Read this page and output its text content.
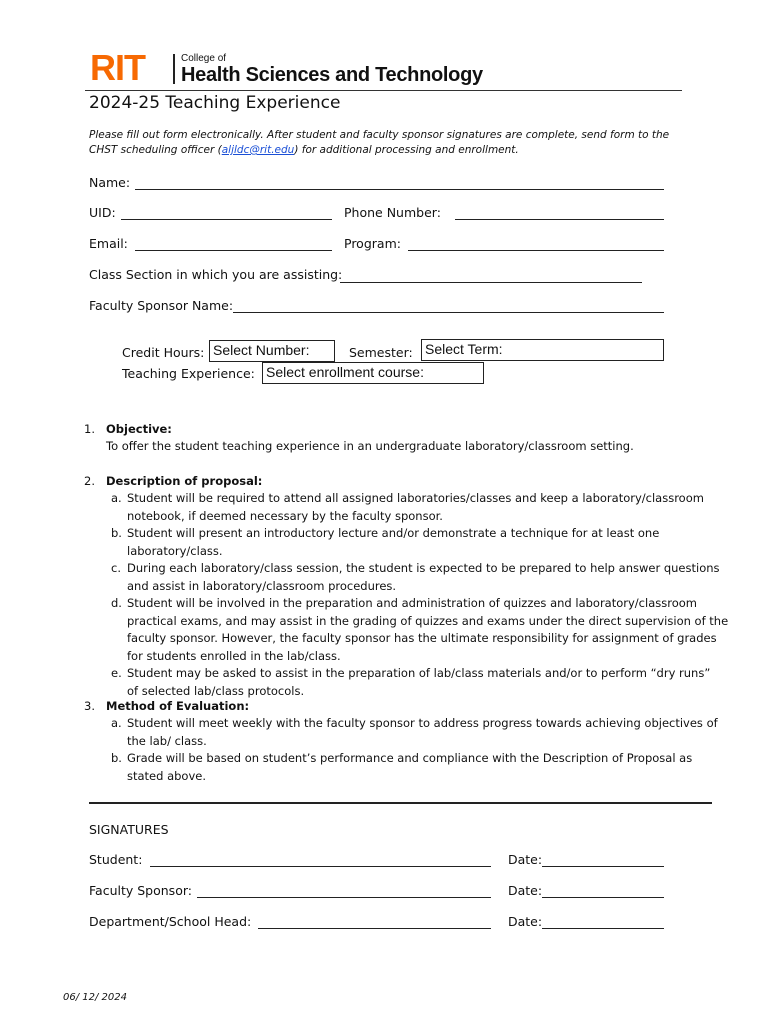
RIT	College of
Health Sciences and Technology
2024-25 Teaching Experience
Please fill out form electronically. After student and faculty sponsor signatures are complete, send form to the CHST scheduling officer (aljldc@rit.edu) for additional processing and enrollment.
Name:
UID:	Phone Number:
Email:	Program:
Class Section in which you are assisting:
Faculty Sponsor Name:
Credit Hours: Select Number:	Semester: Select Term:
Teaching Experience: Select enrollment course:
1. Objective:
To offer the student teaching experience in an undergraduate laboratory/classroom setting.
2. Description of proposal:
a. Student will be required to attend all assigned laboratories/classes and keep a laboratory/classroom
notebook, if deemed necessary by the faculty sponsor.
b. Student will present an introductory lecture and/or demonstrate a technique for at least one
laboratory/class.
c. During each laboratory/class session, the student is expected to be prepared to help answer questions
and assist in laboratory/classroom procedures.
d. Student will be involved in the preparation and administration of quizzes and laboratory/classroom
practical exams, and may assist in the grading of quizzes and exams under the direct supervision of the
faculty sponsor. However, the faculty sponsor has the ultimate responsibility for assignment of grades
for students enrolled in the lab/class.
e. Student may be asked to assist in the preparation of lab/class materials and/or to perform “dry runs”
of selected lab/class protocols.
3. Method of Evaluation:
a. Student will meet weekly with the faculty sponsor to address progress towards achieving objectives of
the lab/ class.
b. Grade will be based on student’s performance and compliance with the Description of Proposal as
stated above.
SIGNATURES
Student:	Date:
Faculty Sponsor:	Date:
Department/School Head:	Date:
06/ 12/ 2024
